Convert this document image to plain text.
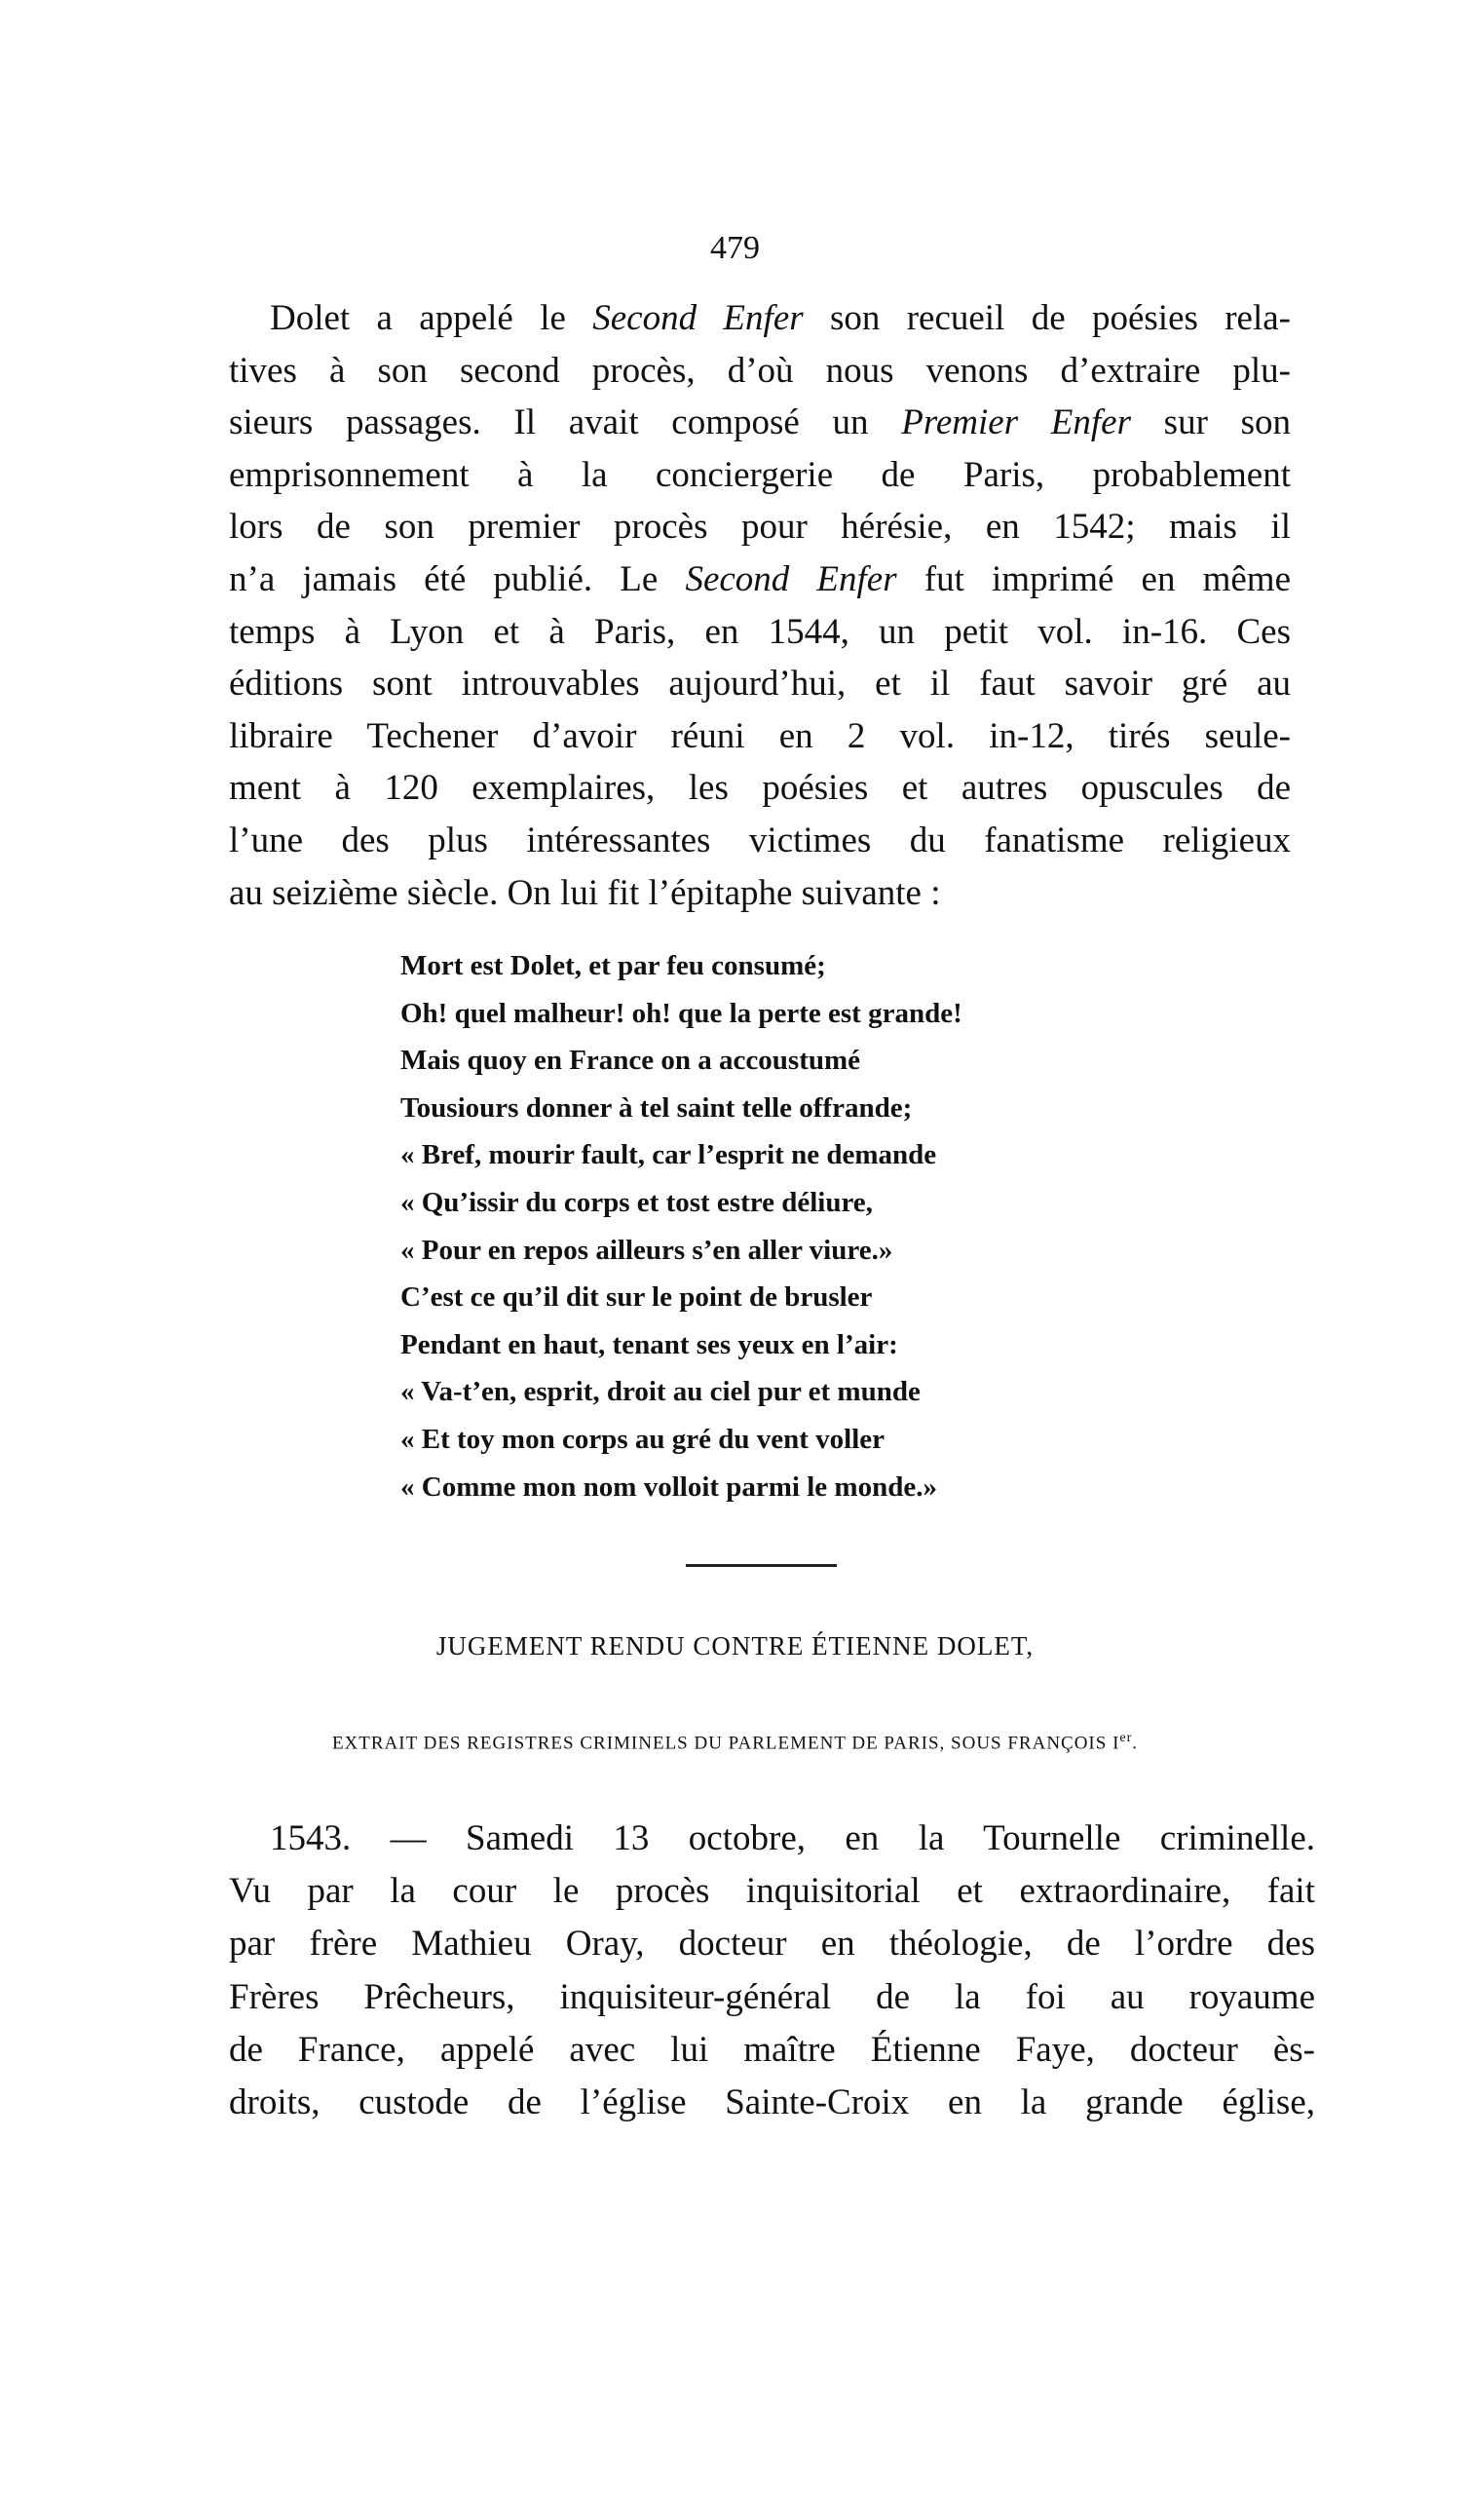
479
Dolet a appelé le Second Enfer son recueil de poésies rela-
tives à son second procès, d’où nous venons d’extraire plu-
sieurs passages. Il avait composé un Premier Enfer sur son
emprisonnement à la conciergerie de Paris, probablement
lors de son premier procès pour hérésie, en 1542; mais il
n’a jamais été publié. Le Second Enfer fut imprimé en même
temps à Lyon et à Paris, en 1544, un petit vol. in-16. Ces
éditions sont introuvables aujourd’hui, et il faut savoir gré au
libraire Techener d’avoir réuni en 2 vol. in-12, tirés seule-
ment à 120 exemplaires, les poésies et autres opuscules de
l’une des plus intéressantes victimes du fanatisme religieux
au seizième siècle. On lui fit l’épitaphe suivante :
Mort est Dolet, et par feu consumé;
Oh! quel malheur! oh! que la perte est grande!
Mais quoy en France on a accoustumé
Tousiours donner à tel saint telle offrande;
« Bref, mourir fault, car l’esprit ne demande
« Qu’issir du corps et tost estre déliure,
« Pour en repos ailleurs s’en aller viure.»
C’est ce qu’il dit sur le point de brusler
Pendant en haut, tenant ses yeux en l’air:
« Va-t’en, esprit, droit au ciel pur et munde
« Et toy mon corps au gré du vent voller
« Comme mon nom volloit parmi le monde.»
JUGEMENT RENDU CONTRE ÉTIENNE DOLET,
EXTRAIT DES REGISTRES CRIMINELS DU PARLEMENT DE PARIS, SOUS FRANÇOIS Ier.
1543. — Samedi 13 octobre, en la Tournelle criminelle.
Vu par la cour le procès inquisitorial et extraordinaire, fait
par frère Mathieu Oray, docteur en théologie, de l’ordre des
Frères Prêcheurs, inquisiteur-général de la foi au royaume
de France, appelé avec lui maître Étienne Faye, docteur ès-
droits, custode de l’église Sainte-Croix en la grande église,
